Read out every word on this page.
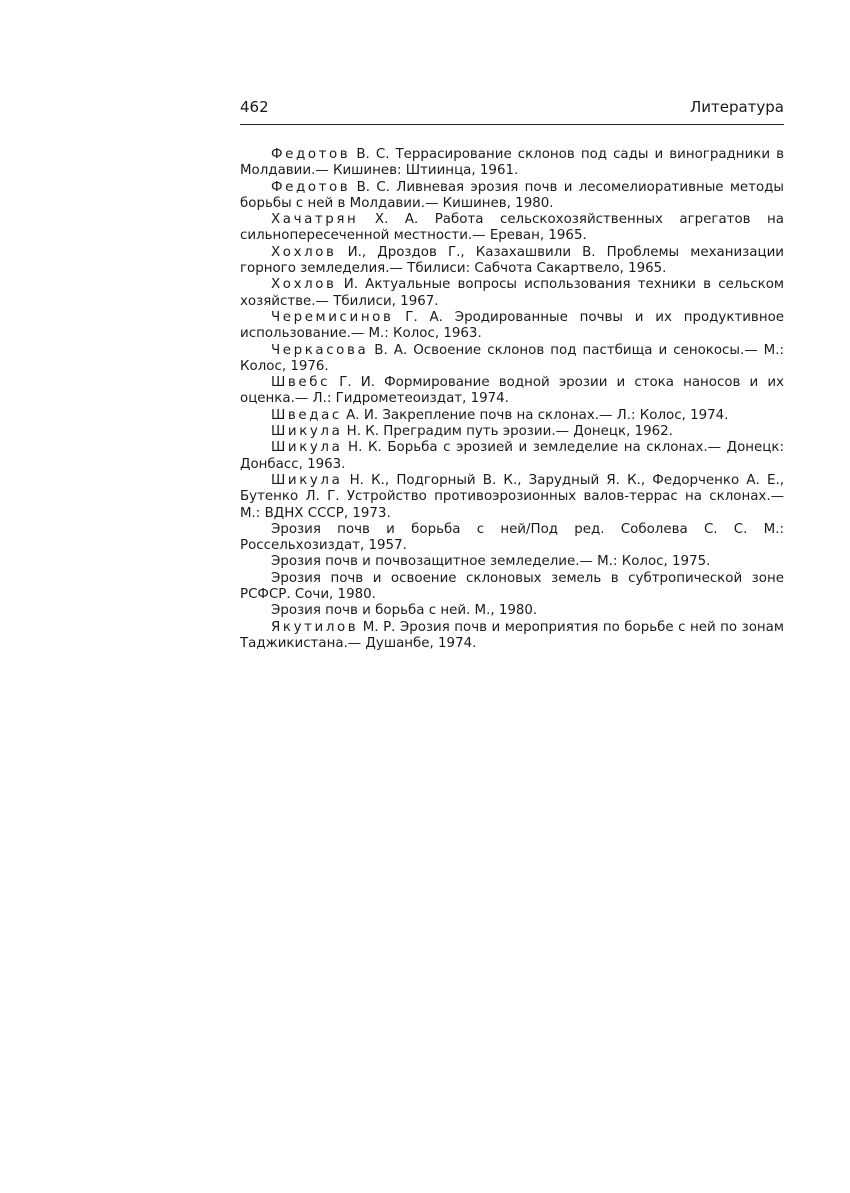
462	Литература

Федотов В. С. Террасирование склонов под сады и виноградники в Молдавии.— Кишинев: Штиинца, 1961.

Федотов В. С. Ливневая эрозия почв и лесомелиоративные методы борьбы с ней в Молдавии.— Кишинев, 1980.

Хачатрян Х. А. Работа сельскохозяйственных агрегатов на сильнопересеченной местности.— Ереван, 1965.

Хохлов И., Дроздов Г., Казахашвили В. Проблемы механизации горного земледелия.— Тбилиси: Сабчота Сакартвело, 1965.

Хохлов И. Актуальные вопросы использования техники в сельском хозяйстве.— Тбилиси, 1967.

Черемисинов Г. А. Эродированные почвы и их продуктивное использование.— М.: Колос, 1963.

Черкасова В. А. Освоение склонов под пастбища и сенокосы.— М.: Колос, 1976.

Швебс Г. И. Формирование водной эрозии и стока наносов и их оценка.— Л.: Гидрометеоиздат, 1974.

Шведас А. И. Закрепление почв на склонах.— Л.: Колос, 1974.

Шикула Н. К. Преградим путь эрозии.— Донецк, 1962.

Шикула Н. К. Борьба с эрозией и земледелие на склонах.— Донецк: Донбасс, 1963.

Шикула Н. К., Подгорный В. К., Зарудный Я. К., Федорченко А. Е., Бутенко Л. Г. Устройство противоэрозионных валов-террас на склонах.— М.: ВДНХ СССР, 1973.

Эрозия почв и борьба с ней/Под ред. Соболева С. С. М.: Россельхозиздат, 1957.

Эрозия почв и почвозащитное земледелие.— М.: Колос, 1975.

Эрозия почв и освоение склоновых земель в субтропической зоне РСФСР. Сочи, 1980.

Эрозия почв и борьба с ней. М., 1980.

Якутилов М. Р. Эрозия почв и мероприятия по борьбе с ней по зонам Таджикистана.— Душанбе, 1974.
